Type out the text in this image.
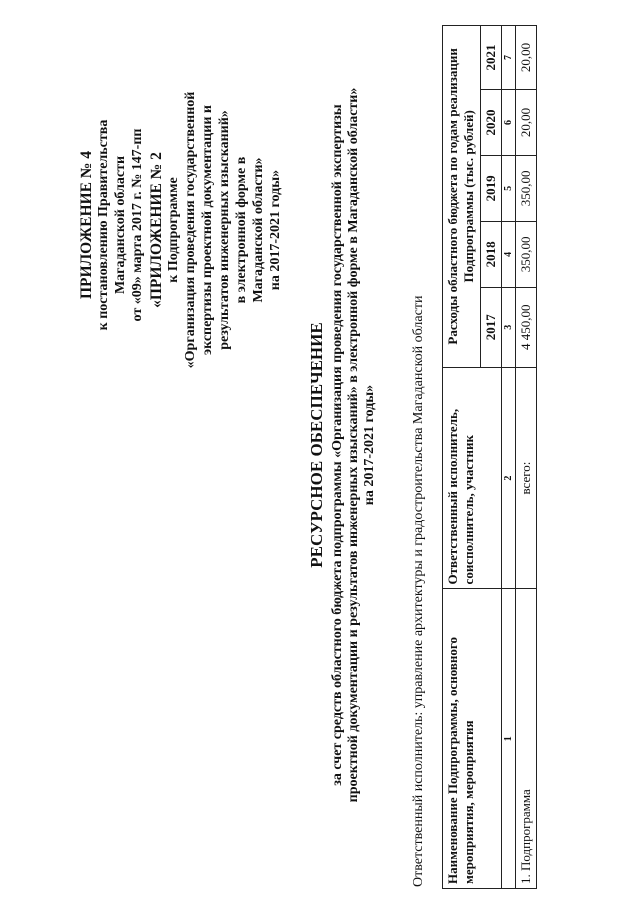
ПРИЛОЖЕНИЕ № 4 к постановлению Правительства Магаданской области от «09» марта 2017 г. № 147-пп «ПРИЛОЖЕНИЕ № 2 к Подпрограмме «Организация проведения государственной экспертизы проектной документации и результатов инженерных изысканий» в электронной форме в Магаданской области» на 2017-2021 годы»
РЕСУРСНОЕ ОБЕСПЕЧЕНИЕ за счет средств областного бюджета подпрограммы «Организация проведения государственной экспертизы проектной документации и результатов инженерных изысканий» в электронной форме в Магаданской области» на 2017-2021 годы» Ответственный исполнитель: управление архитектуры и градостроительства Магаданской области Наименование Подпрограммы, основного мероприятия, мероприятия	Ответственный исполнитель, соисполнитель, участник	Расходы областного бюджета по годам реализации Подпрограммы (тыс. рублей)				
		2017	2018	2019	2020	2021
1	2	3	4	5	6	7
1. Подпрограмма	всего:	4 450,00	350,00	350,00	20,00	20,00
